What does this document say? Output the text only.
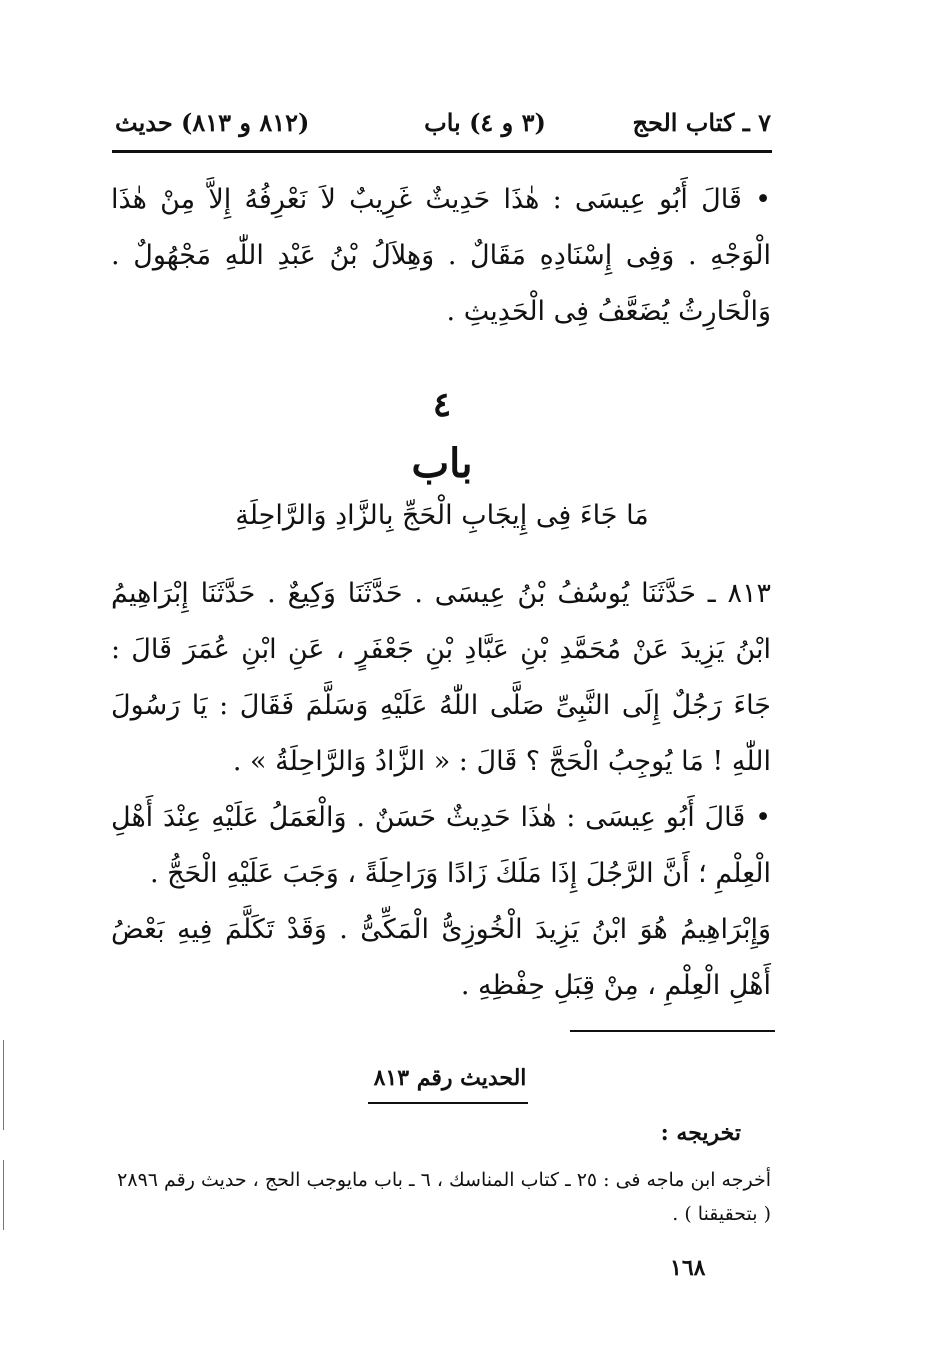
٧ ـ كتاب الحج
(٣ و ٤) باب
(٨١٢ و ٨١٣) حديث
• قَالَ أَبُو عِيسَى : هٰذَا حَدِيثٌ غَرِيبٌ لاَ نَعْرِفُهُ إِلاَّ مِنْ هٰذَا الْوَجْهِ . وَفِى إِسْنَادِهِ مَقَالٌ . وَهِلاَلُ بْنُ عَبْدِ اللّٰهِ مَجْهُولٌ . وَالْحَارِثُ يُضَعَّفُ فِى الْحَدِيثِ .
٤
باب
مَا جَاءَ فِى إِيجَابِ الْحَجِّ بِالزَّادِ وَالرَّاحِلَةِ
٨١٣ ـ حَدَّثَنَا يُوسُفُ بْنُ عِيسَى . حَدَّثَنَا وَكِيعٌ . حَدَّثَنَا إِبْرَاهِيمُ ابْنُ يَزِيدَ عَنْ مُحَمَّدِ بْنِ عَبَّادِ بْنِ جَعْفَرٍ ، عَنِ ابْنِ عُمَرَ قَالَ : جَاءَ رَجُلٌ إِلَى النَّبِىِّ صَلَّى اللّٰهُ عَلَيْهِ وَسَلَّمَ فَقَالَ : يَا رَسُولَ اللّٰهِ ! مَا يُوجِبُ الْحَجَّ ؟ قَالَ : « الزَّادُ وَالرَّاحِلَةُ » .
• قَالَ أَبُو عِيسَى : هٰذَا حَدِيثٌ حَسَنٌ . وَالْعَمَلُ عَلَيْهِ عِنْدَ أَهْلِ الْعِلْمِ ؛ أَنَّ الرَّجُلَ إِذَا مَلَكَ زَادًا وَرَاحِلَةً ، وَجَبَ عَلَيْهِ الْحَجُّ .
وَإِبْرَاهِيمُ هُوَ ابْنُ يَزِيدَ الْخُوزِىُّ الْمَكِّىُّ . وَقَدْ تَكَلَّمَ فِيهِ بَعْضُ أَهْلِ الْعِلْمِ ، مِنْ قِبَلِ حِفْظِهِ .
الحديث رقم ٨١٣
تخريجه :
أخرجه ابن ماجه فى : ٢٥ ـ كتاب المناسك ، ٦ ـ باب مايوجب الحج ، حديث رقم ٢٨٩٦ ( بتحقيقنا ) .
١٦٨
